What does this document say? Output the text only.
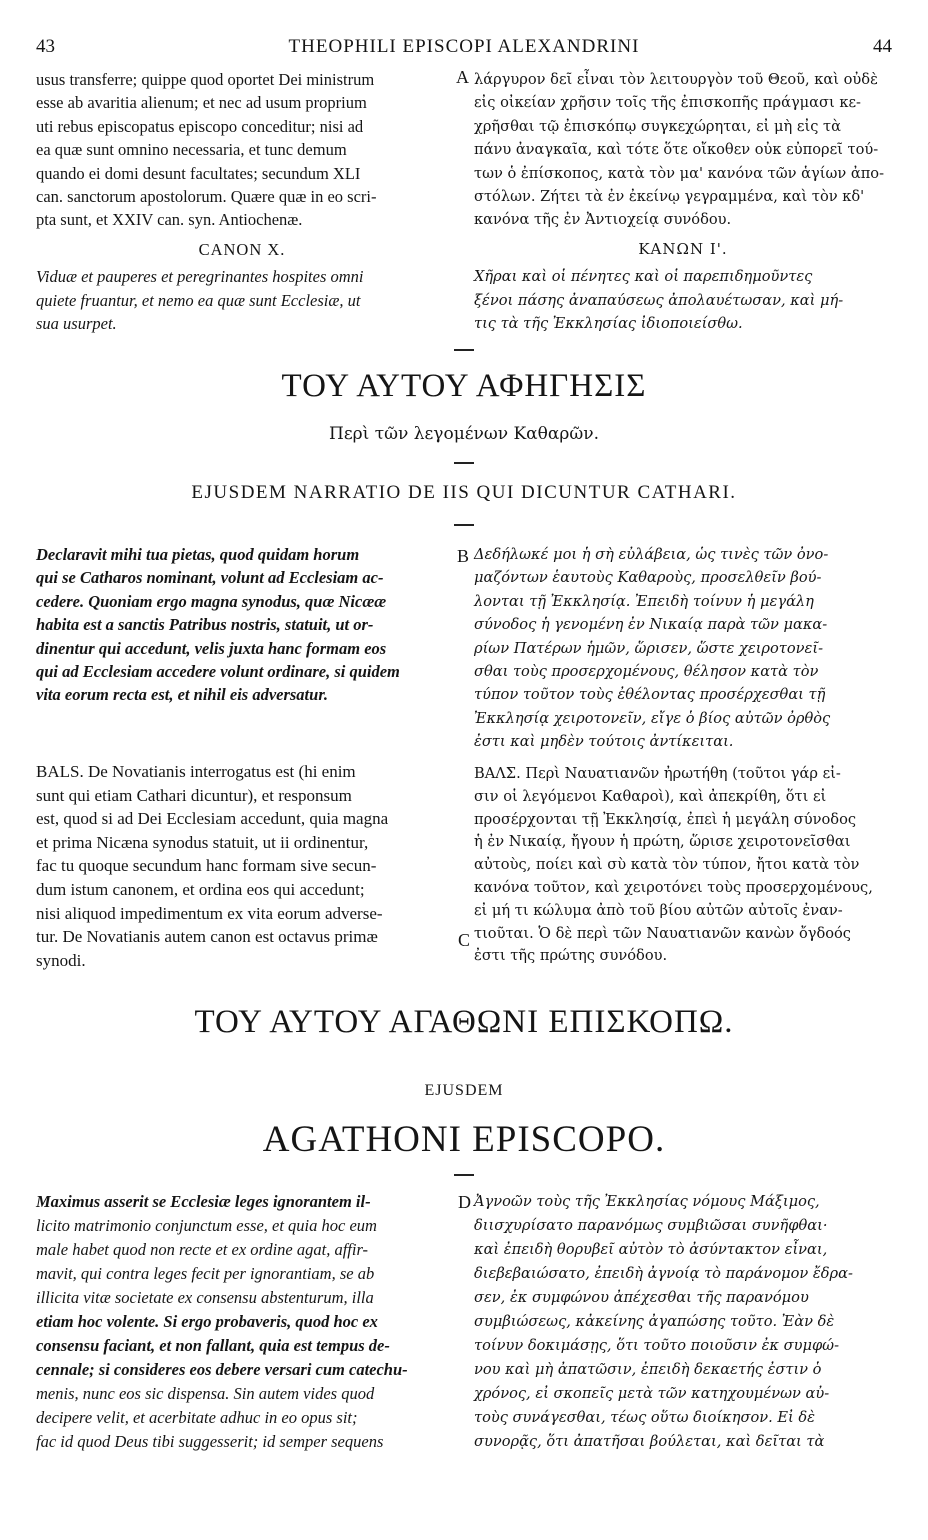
43	THEOPHILI EPISCOPI ALEXANDRINI	44
A
B
C
D

usus transferre; quippe quod oportet Dei ministrum

esse ab avaritia alienum; et nec ad usum proprium

uti rebus episcopatus episcopo conceditur; nisi ad

ea quæ sunt omnino necessaria, et tunc demum

quando ei domi desunt facultates; secundum XLI

can. sanctorum apostolorum. Quære quæ in eo scri-

pta sunt, et XXIV can. syn. Antiochenæ.

CANON X.

Viduæ et pauperes et peregrinantes hospites omni

quiete fruantur, et nemo ea quæ sunt Ecclesiæ, ut

sua usurpet.

λάργυρον δεῖ εἶναι τὸν λειτουργὸν τοῦ Θεοῦ, καὶ οὐδὲ

εἰς οἰκείαν χρῆσιν τοῖς τῆς ἐπισκοπῆς πράγμασι κε-

χρῆσθαι τῷ ἐπισκόπῳ συγκεχώρηται, εἰ μὴ εἰς τὰ

πάνυ ἀναγκαῖα, καὶ τότε ὅτε οἴκοθεν οὐκ εὐπορεῖ τού-

των ὁ ἐπίσκοπος, κατὰ τὸν μα' κανόνα τῶν ἁγίων ἀπο-

στόλων. Ζήτει τὰ ἐν ἐκείνῳ γεγραμμένα, καὶ τὸν κδ'

κανόνα τῆς ἐν Ἀντιοχείᾳ συνόδου.

ΚΑΝΩΝ Ι'.

Χῆραι καὶ οἱ πένητες καὶ οἱ παρεπιδημοῦντες

ξένοι πάσης ἀναπαύσεως ἀπολαυέτωσαν, καὶ μή-

τις τὰ τῆς Ἐκκλησίας ἰδιοποιείσθω.

ΤΟΥ ΑΥΤΟΥ ΑΦΗΓΗΣΙΣ
Περὶ τῶν λεγομένων Καθαρῶν.
EJUSDEM NARRATIO DE IIS QUI DICUNTUR CATHARI.

Declaravit mihi tua pietas, quod quidam horum

qui se Catharos nominant, volunt ad Ecclesiam ac-

cedere. Quoniam ergo magna synodus, quæ Nicææ

habita est a sanctis Patribus nostris, statuit, ut or-

dinentur qui accedunt, velis juxta hanc formam eos

qui ad Ecclesiam accedere volunt ordinare, si quidem

vita eorum recta est, et nihil eis adversatur.

Δεδήλωκέ μοι ἡ σὴ εὐλάβεια, ὡς τινὲς τῶν ὀνο-

μαζόντων ἑαυτοὺς Καθαροὺς, προσελθεῖν βού-

λονται τῇ Ἐκκλησίᾳ. Ἐπειδὴ τοίνυν ἡ μεγάλη

σύνοδος ἡ γενομένη ἐν Νικαίᾳ παρὰ τῶν μακα-

ρίων Πατέρων ἡμῶν, ὥρισεν, ὥστε χειροτονεῖ-

σθαι τοὺς προσερχομένους, θέλησον κατὰ τὸν

τύπον τοῦτον τοὺς ἐθέλοντας προσέρχεσθαι τῇ

Ἐκκλησίᾳ χειροτονεῖν, εἴγε ὁ βίος αὐτῶν ὀρθὸς

ἐστι καὶ μηδὲν τούτοις ἀντίκειται.

BALS. De Novatianis interrogatus est (hi enim

sunt qui etiam Cathari dicuntur), et responsum

est, quod si ad Dei Ecclesiam accedunt, quia magna

et prima Nicæna synodus statuit, ut ii ordinentur,

fac tu quoque secundum hanc formam sive secun-

dum istum canonem, et ordina eos qui accedunt;

nisi aliquod impedimentum ex vita eorum adverse-

tur. De Novatianis autem canon est octavus primæ

synodi.

ΒΑΛΣ. Περὶ Ναυατιανῶν ἠρωτήθη (τοῦτοι γάρ εἰ-

σιν οἱ λεγόμενοι Καθαροὶ), καὶ ἀπεκρίθη, ὅτι εἰ

προσέρχονται τῇ Ἐκκλησίᾳ, ἐπεὶ ἡ μεγάλη σύνοδος

ἡ ἐν Νικαίᾳ, ἤγουν ἡ πρώτη, ὥρισε χειροτονεῖσθαι

αὐτοὺς, ποίει καὶ σὺ κατὰ τὸν τύπον, ἤτοι κατὰ τὸν

κανόνα τοῦτον, καὶ χειροτόνει τοὺς προσερχομένους,

εἰ μή τι κώλυμα ἀπὸ τοῦ βίου αὐτῶν αὐτοῖς ἐναν-

τιοῦται. Ὁ δὲ περὶ τῶν Ναυατιανῶν κανὼν ὄγδοός

ἐστι τῆς πρώτης συνόδου.

ΤΟΥ ΑΥΤΟΥ ΑΓΑΘΩΝΙ ΕΠΙΣΚΟΠΩ.
EJUSDEM
AGATHONI EPISCOPO.

Maximus asserit se Ecclesiæ leges ignorantem il-

licito matrimonio conjunctum esse, et quia hoc eum

male habet quod non recte et ex ordine agat, affir-

mavit, qui contra leges fecit per ignorantiam, se ab

illicita vitæ societate ex consensu abstenturum, illa

etiam hoc volente. Si ergo probaveris, quod hoc ex

consensu faciant, et non fallant, quia est tempus de-

cennale; si consideres eos debere versari cum catechu-

menis, nunc eos sic dispensa. Sin autem vides quod

decipere velit, et acerbitate adhuc in eo opus sit;

fac id quod Deus tibi suggesserit; id semper sequens

Ἀγνοῶν τοὺς τῆς Ἐκκλησίας νόμους Μάξιμος,

διισχυρίσατο παρανόμως συμβιῶσαι συνῆφθαι·

καὶ ἐπειδὴ θορυβεῖ αὐτὸν τὸ ἀσύντακτον εἶναι,

διεβεβαιώσατο, ἐπειδὴ ἀγνοίᾳ τὸ παράνομον ἔδρα-

σεν, ἐκ συμφώνου ἀπέχεσθαι τῆς παρανόμου

συμβιώσεως, κἀκείνης ἀγαπώσης τοῦτο. Ἐὰν δὲ

τοίνυν δοκιμάσῃς, ὅτι τοῦτο ποιοῦσιν ἐκ συμφώ-

νου καὶ μὴ ἀπατῶσιν, ἐπειδὴ δεκαετής ἐστιν ὁ

χρόνος, εἰ σκοπεῖς μετὰ τῶν κατηχουμένων αὐ-

τοὺς συνάγεσθαι, τέως οὕτω διοίκησον. Εἰ δὲ

συνορᾷς, ὅτι ἀπατῆσαι βούλεται, καὶ δεῖται τὰ
